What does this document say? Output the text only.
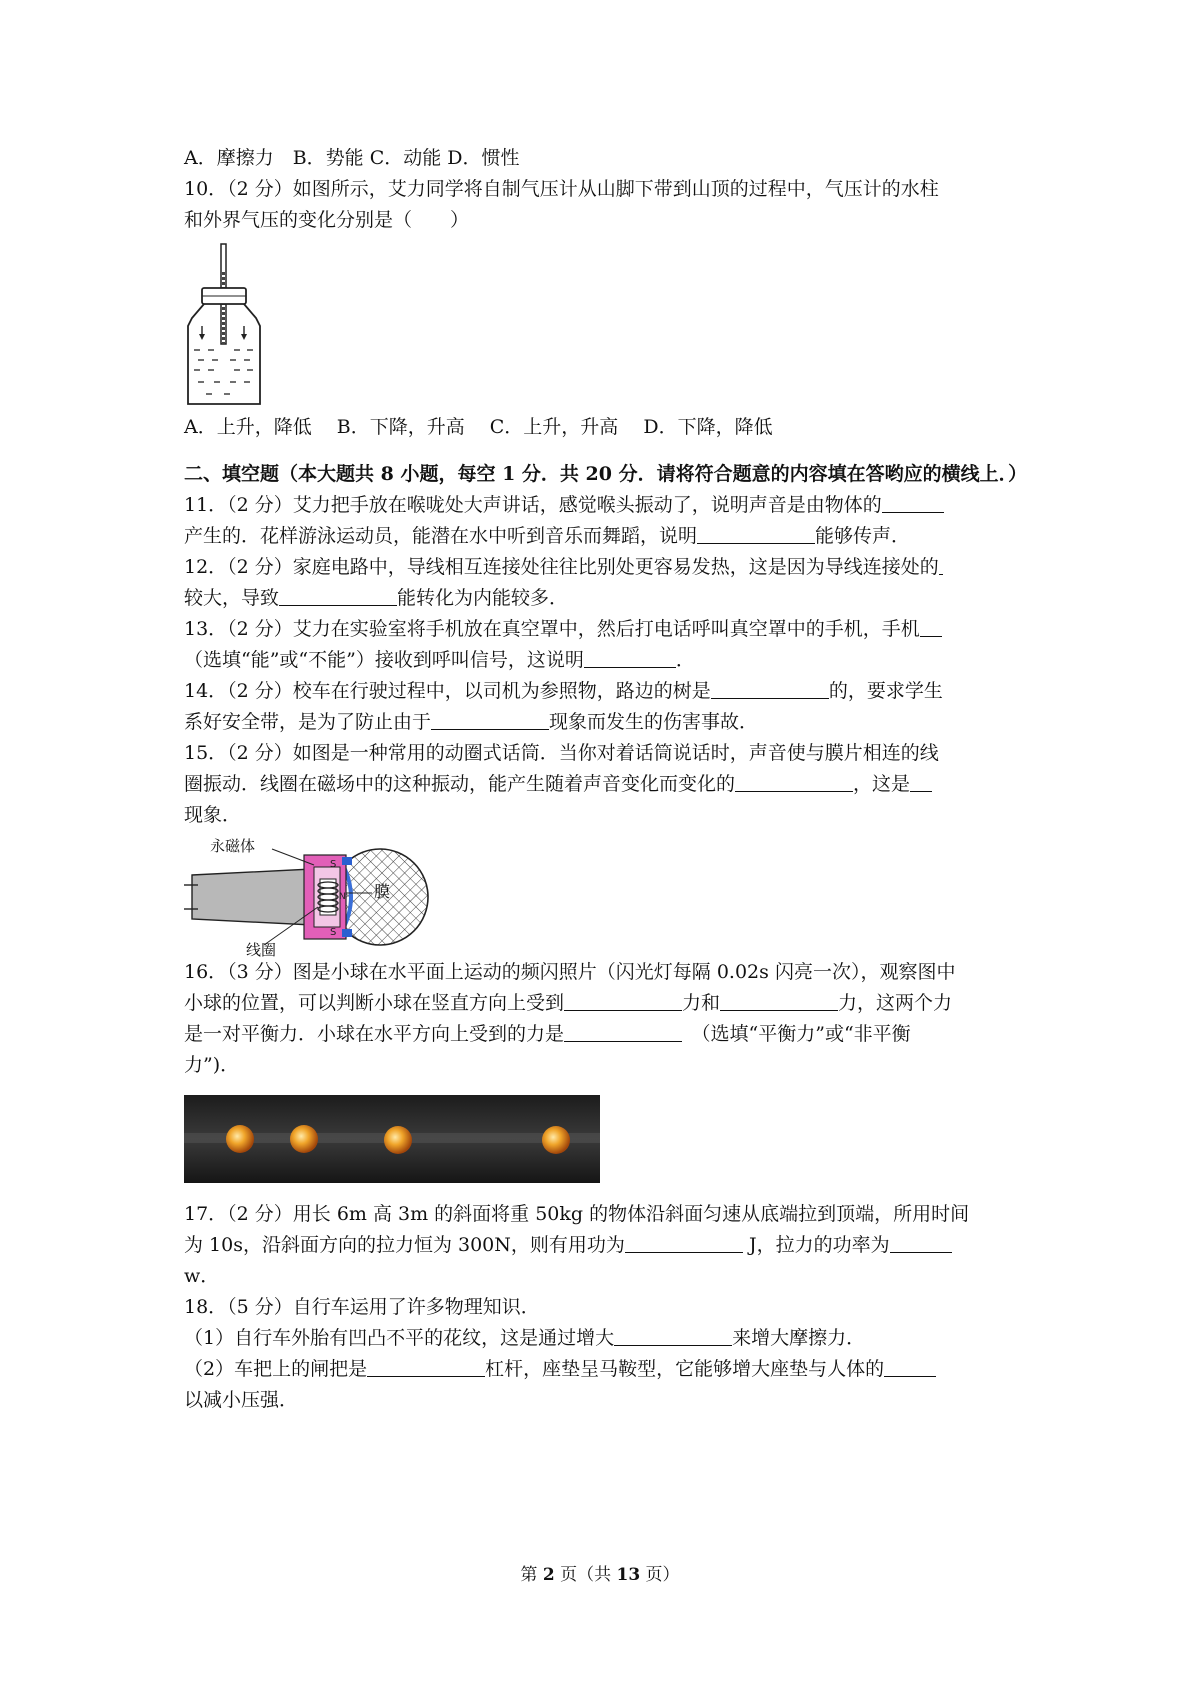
A．摩擦力　B．势能 C．动能 D．惯性
10．（2 分）如图所示，艾力同学将自制气压计从山脚下带到山顶的过程中，气压计的水柱
和外界气压的变化分别是（　　）
A．上升，降低　 B．下降，升高　 C．上升，升高　 D．下降，降低
二、填空题（本大题共 8 小题，每空 1 分．共 20 分．请将符合题意的内容填在答哟应的横线上．）
11．（2 分）艾力把手放在喉咙处大声讲话，感觉喉头振动了，说明声音是由物体的
产生的．花样游泳运动员，能潜在水中听到音乐而舞蹈，说明	能够传声．
12．（2 分）家庭电路中，导线相互连接处往往比别处更容易发热，这是因为导线连接处的
较大，导致	能转化为内能较多．
13．（2 分）艾力在实验室将手机放在真空罩中，然后打电话呼叫真空罩中的手机，手机
（选填“能”或“不能”）接收到呼叫信号，这说明	．
14．（2 分）校车在行驶过程中，以司机为参照物，路边的树是	的，要求学生
系好安全带，是为了防止由于	现象而发生的伤害事故．
15．（2 分）如图是一种常用的动圈式话筒．当你对着话筒说话时，声音使与膜片相连的线
圈振动．线圈在磁场中的这种振动，能产生随着声音变化而变化的	，这是
现象．
S
S
N
永磁体
线圈
膜
16．（3 分）图是小球在水平面上运动的频闪照片（闪光灯每隔 0.02s 闪亮一次），观察图中
小球的位置，可以判断小球在竖直方向上受到	力和	力，这两个力
是一对平衡力．小球在水平方向上受到的力是	　（选填“平衡力”或“非平衡
力”)．
17．（2 分）用长 6m 高 3m 的斜面将重 50kg 的物体沿斜面匀速从底端拉到顶端，所用时间
为 10s，沿斜面方向的拉力恒为 300N，则有用功为	J，拉力的功率为
w．
18．（5 分）自行车运用了许多物理知识．
（1）自行车外胎有凹凸不平的花纹，这是通过增大	来增大摩擦力．
（2）车把上的闸把是	杠杆，座垫呈马鞍型，它能够增大座垫与人体的
以减小压强．
第 2 页（共 13 页）
